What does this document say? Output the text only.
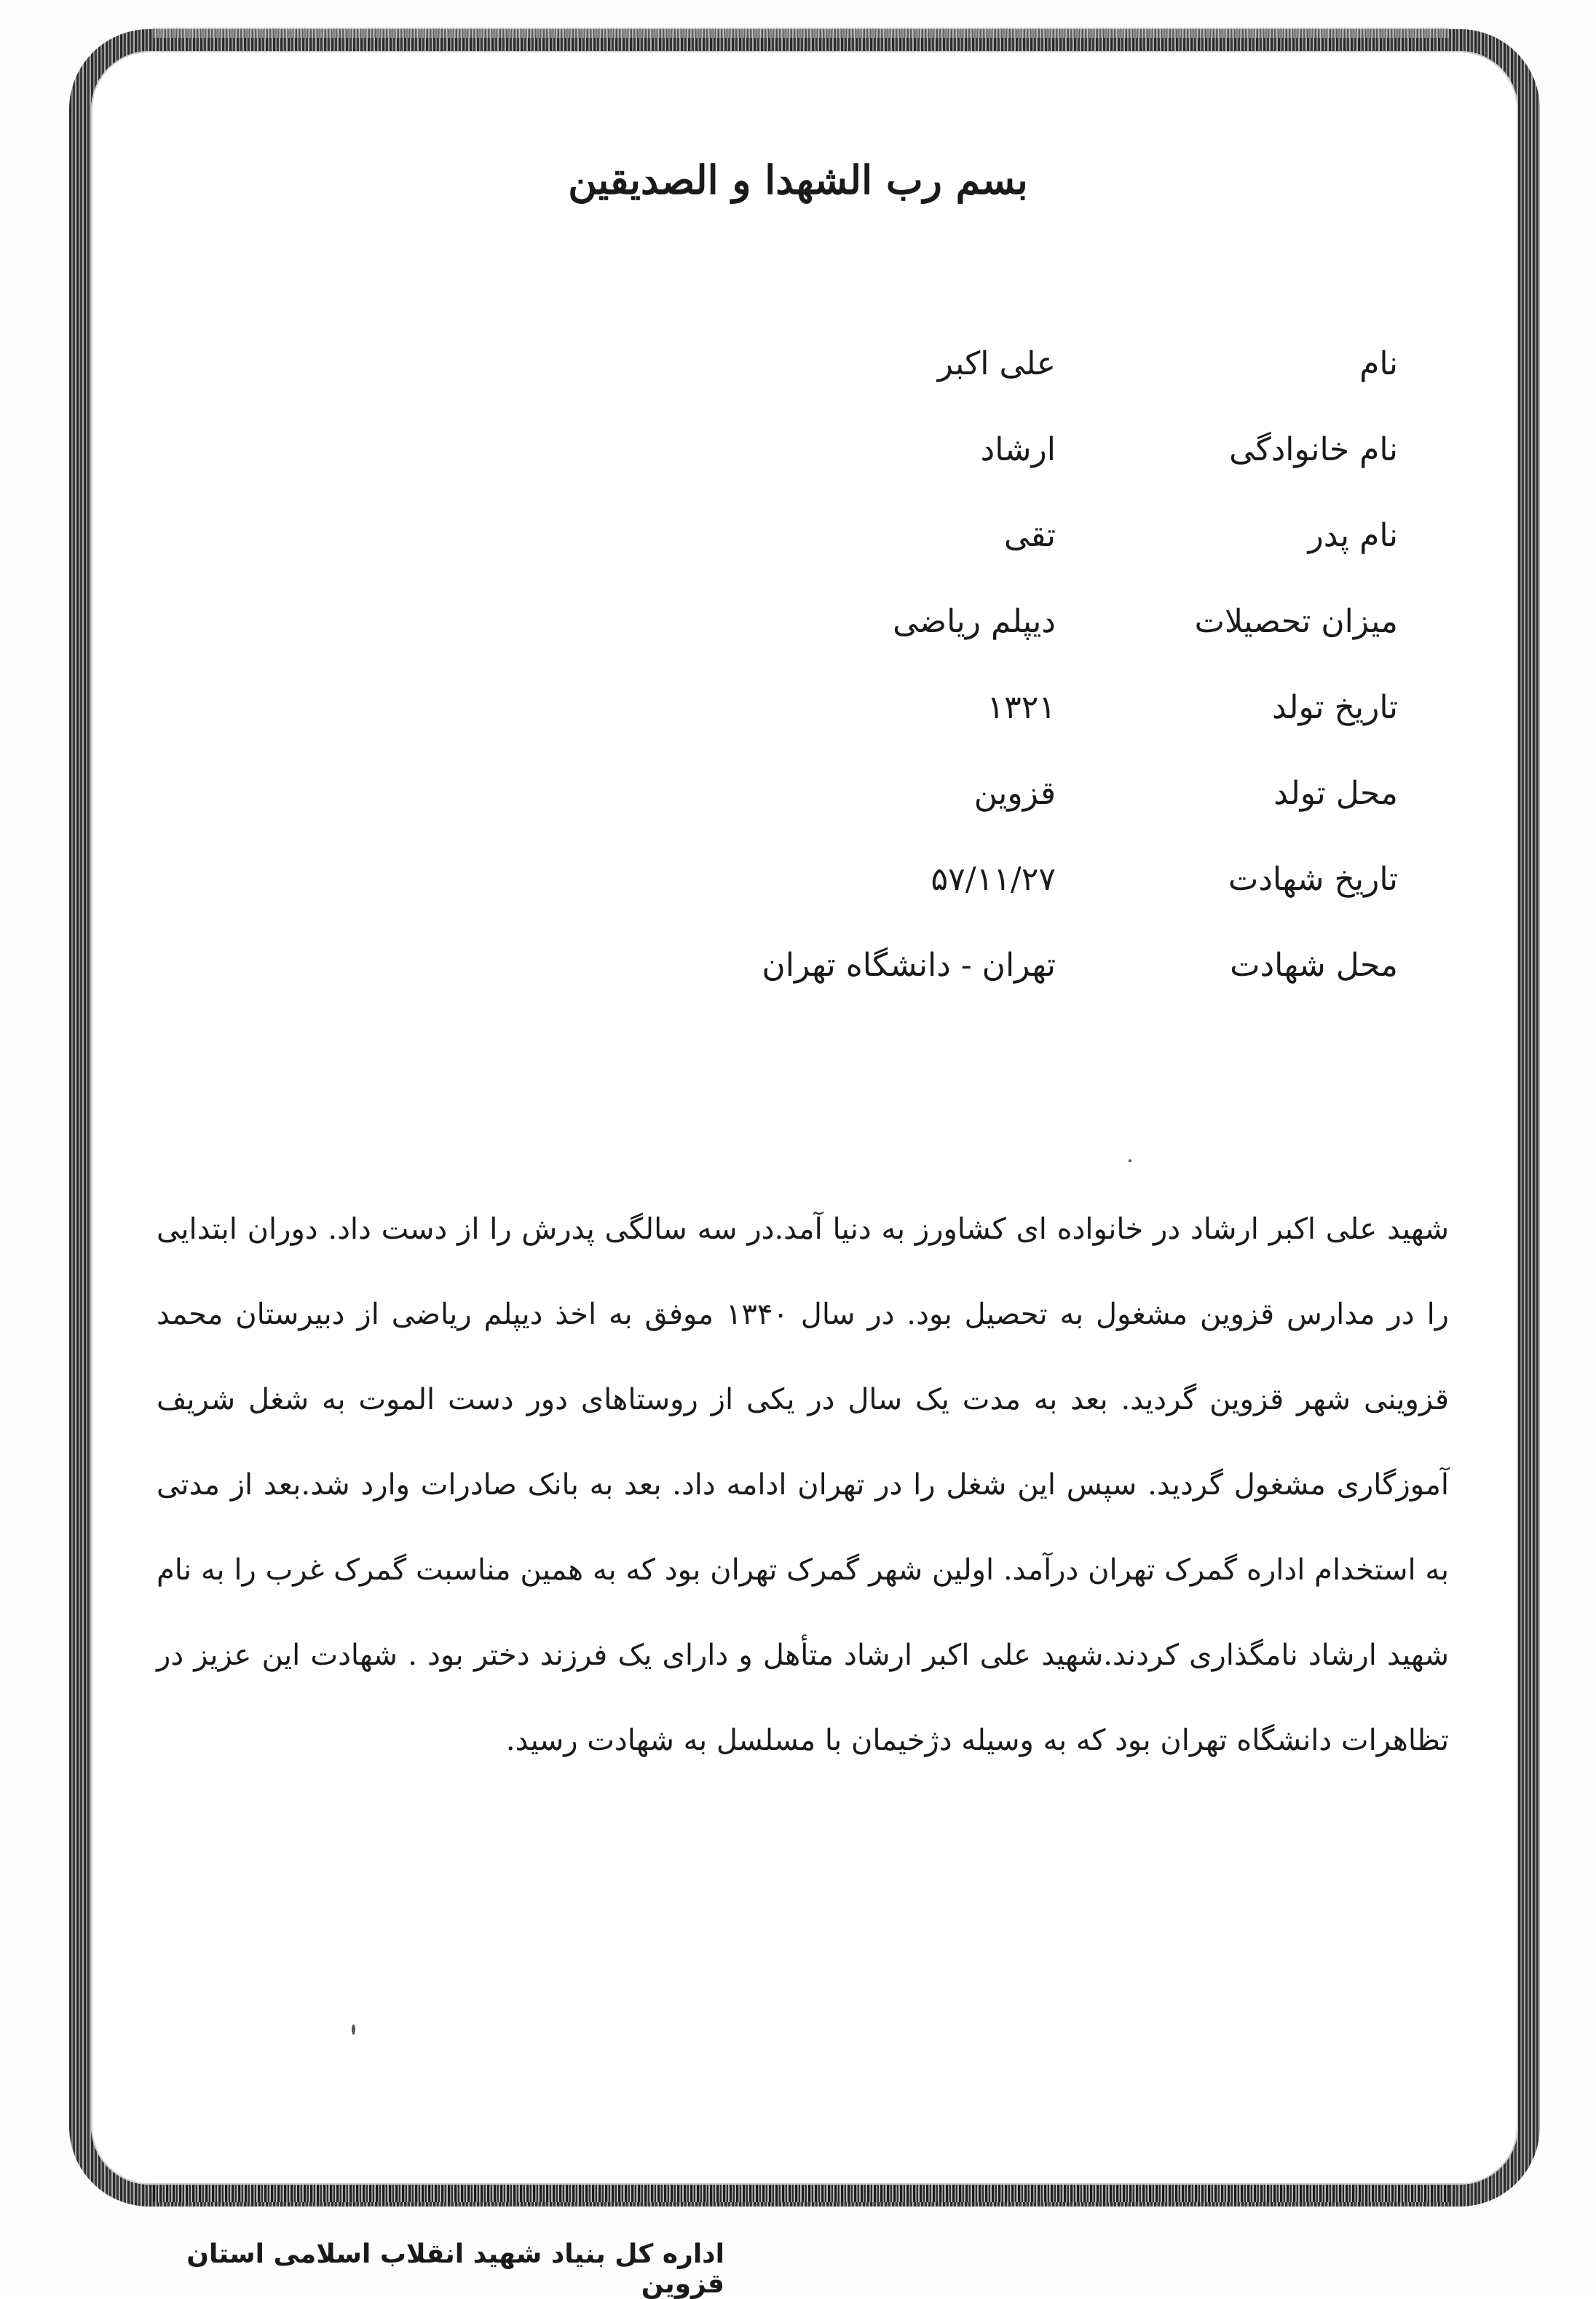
بسم رب الشهدا و الصدیقین
نام
علی اکبر
نام خانوادگی
ارشاد
نام پدر
تقی
میزان تحصیلات
دیپلم ریاضی
تاریخ تولد
۱۳۲۱
محل تولد
قزوین
تاریخ شهادت
۵۷/۱۱/۲۷
محل شهادت
تهران - دانشگاه تهران
شهید علی اکبر ارشاد در خانواده ای کشاورز به دنیا آمد.در سه سالگی پدرش را از دست داد. دوران ابتدایی را در مدارس قزوین مشغول به تحصیل بود. در سال ۱۳۴۰ موفق به اخذ دیپلم ریاضی از دبیرستان محمد قزوینی شهر قزوین گردید. بعد به مدت یک سال در یکی از روستاهای دور دست الموت به شغل شریف آموزگاری مشغول گردید. سپس این شغل را در تهران ادامه داد. بعد به بانک صادرات وارد شد.بعد از مدتی به استخدام اداره گمرک تهران درآمد. اولین شهر گمرک تهران بود که به همین مناسبت گمرک غرب را به نام شهید ارشاد نامگذاری کردند.شهید علی اکبر ارشاد متأهل و دارای یک فرزند دختر بود . شهادت این عزیز در تظاهرات دانشگاه تهران بود که به وسیله دژخیمان با مسلسل به شهادت رسید.
اداره کل بنیاد شهید انقلاب اسلامی استان قزوین
